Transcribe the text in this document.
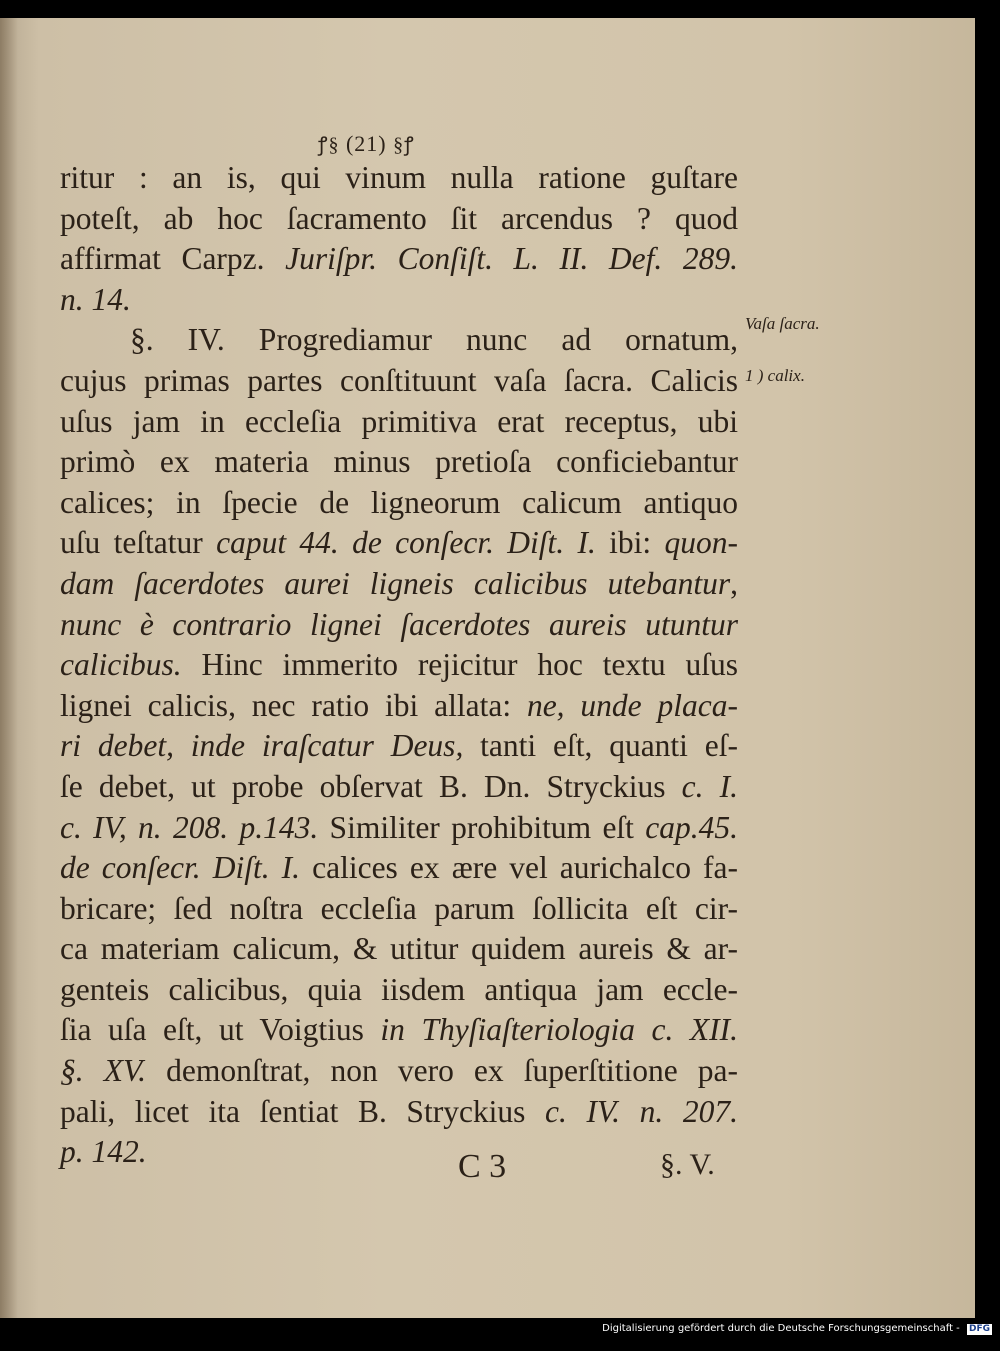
ꝭ§ (21) §ꝭ
ritur : an is, qui vinum nulla ratione guſtare
poteſt, ab hoc ſacramento ſit arcendus ? quod
affirmat Carpz. Juriſpr. Conſiſt. L. II. Def. 289.
n. 14.
§. IV. Progrediamur nunc ad ornatum,
cujus primas partes conſtituunt vaſa ſacra. Calicis
uſus jam in eccleſia primitiva erat receptus, ubi
primò ex materia minus pretioſa conficiebantur
calices; in ſpecie de ligneorum calicum antiquo
uſu teſtatur caput 44. de conſecr. Diſt. I. ibi: quon-
dam ſacerdotes aurei ligneis calicibus utebantur,
nunc è contrario lignei ſacerdotes aureis utuntur
calicibus. Hinc immerito rejicitur hoc textu uſus
lignei calicis, nec ratio ibi allata: ne, unde placa-
ri debet, inde iraſcatur Deus, tanti eſt, quanti eſ-
ſe debet, ut probe obſervat B. Dn. Stryckius c. I.
c. IV, n. 208. p.143. Similiter prohibitum eſt cap.45.
de conſecr. Diſt. I. calices ex ære vel aurichalco fa-
bricare; ſed noſtra eccleſia parum ſollicita eſt cir-
ca materiam calicum, & utitur quidem aureis & ar-
genteis calicibus, quia iisdem antiqua jam eccle-
ſia uſa eſt, ut Voigtius in Thyſiaſteriologia c. XII.
§. XV. demonſtrat, non vero ex ſuperſtitione pa-
pali, licet ita ſentiat B. Stryckius c. IV. n. 207.
p. 142.
Vaſa ſacra.
1 ) calix.
C 3	§. V.
Digitalisierung gefördert durch die Deutsche Forschungsgemeinschaft - DFG
